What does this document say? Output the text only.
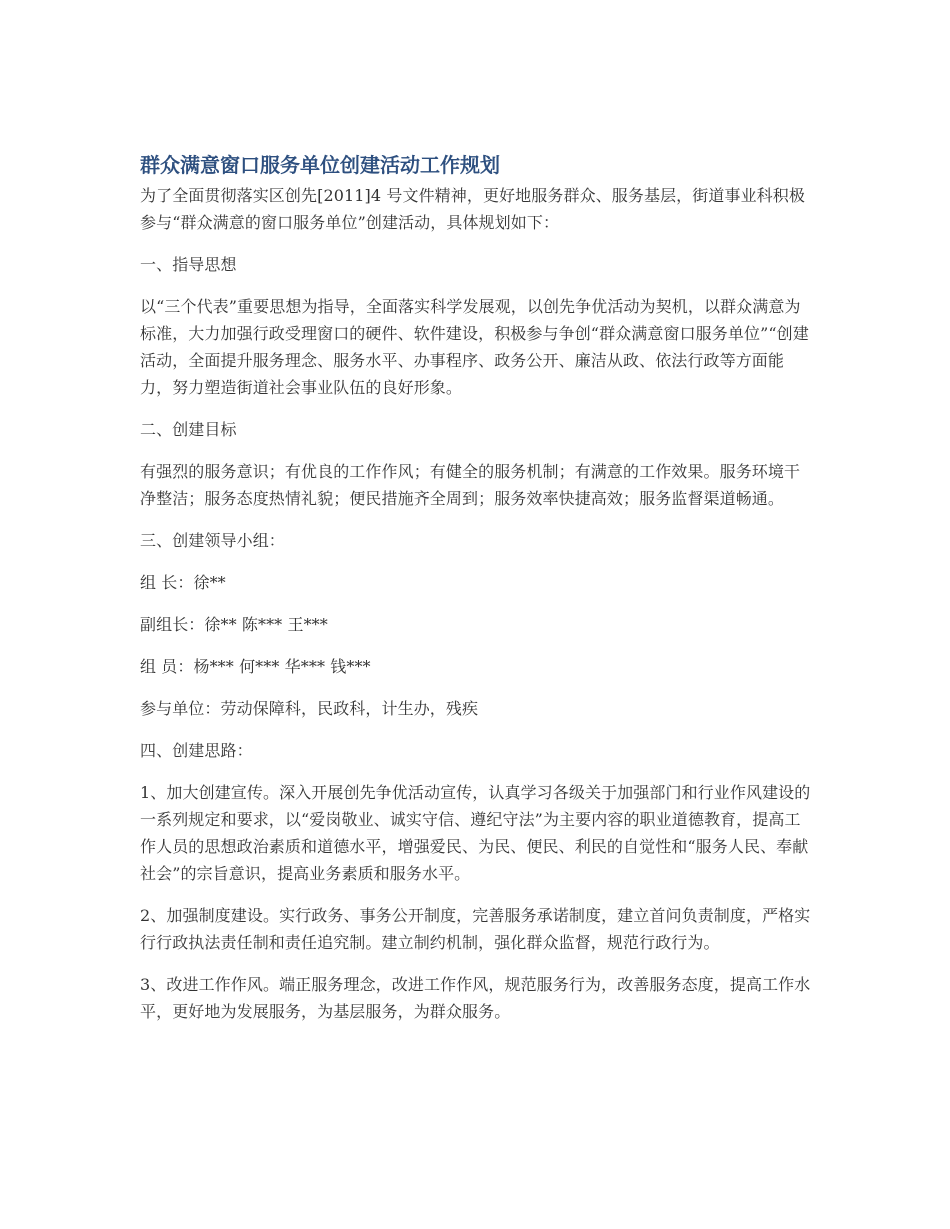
群众满意窗口服务单位创建活动工作规划

为了全面贯彻落实区创先[2011]4 号文件精神，更好地服务群众、服务基层，街道事业科积极参与“群众满意的窗口服务单位”创建活动，具体规划如下：

一、指导思想

以“三个代表”重要思想为指导，全面落实科学发展观，以创先争优活动为契机，以群众满意为标准，大力加强行政受理窗口的硬件、软件建设，积极参与争创“群众满意窗口服务单位”“创建活动，全面提升服务理念、服务水平、办事程序、政务公开、廉洁从政、依法行政等方面能力，努力塑造街道社会事业队伍的良好形象。

二、创建目标

有强烈的服务意识；有优良的工作作风；有健全的服务机制；有满意的工作效果。服务环境干净整洁；服务态度热情礼貌；便民措施齐全周到；服务效率快捷高效；服务监督渠道畅通。

三、创建领导小组：

组 长：徐**

副组长：徐** 陈*** 王***

组 员：杨*** 何*** 华*** 钱***

参与单位：劳动保障科，民政科，计生办，残疾

四、创建思路：

1、加大创建宣传。深入开展创先争优活动宣传，认真学习各级关于加强部门和行业作风建设的一系列规定和要求，以“爱岗敬业、诚实守信、遵纪守法”为主要内容的职业道德教育，提高工作人员的思想政治素质和道德水平，增强爱民、为民、便民、利民的自觉性和“服务人民、奉献社会”的宗旨意识，提高业务素质和服务水平。

2、加强制度建设。实行政务、事务公开制度，完善服务承诺制度，建立首问负责制度，严格实行行政执法责任制和责任追究制。建立制约机制，强化群众监督，规范行政行为。

3、改进工作作风。端正服务理念，改进工作作风，规范服务行为，改善服务态度，提高工作水平，更好地为发展服务，为基层服务，为群众服务。
